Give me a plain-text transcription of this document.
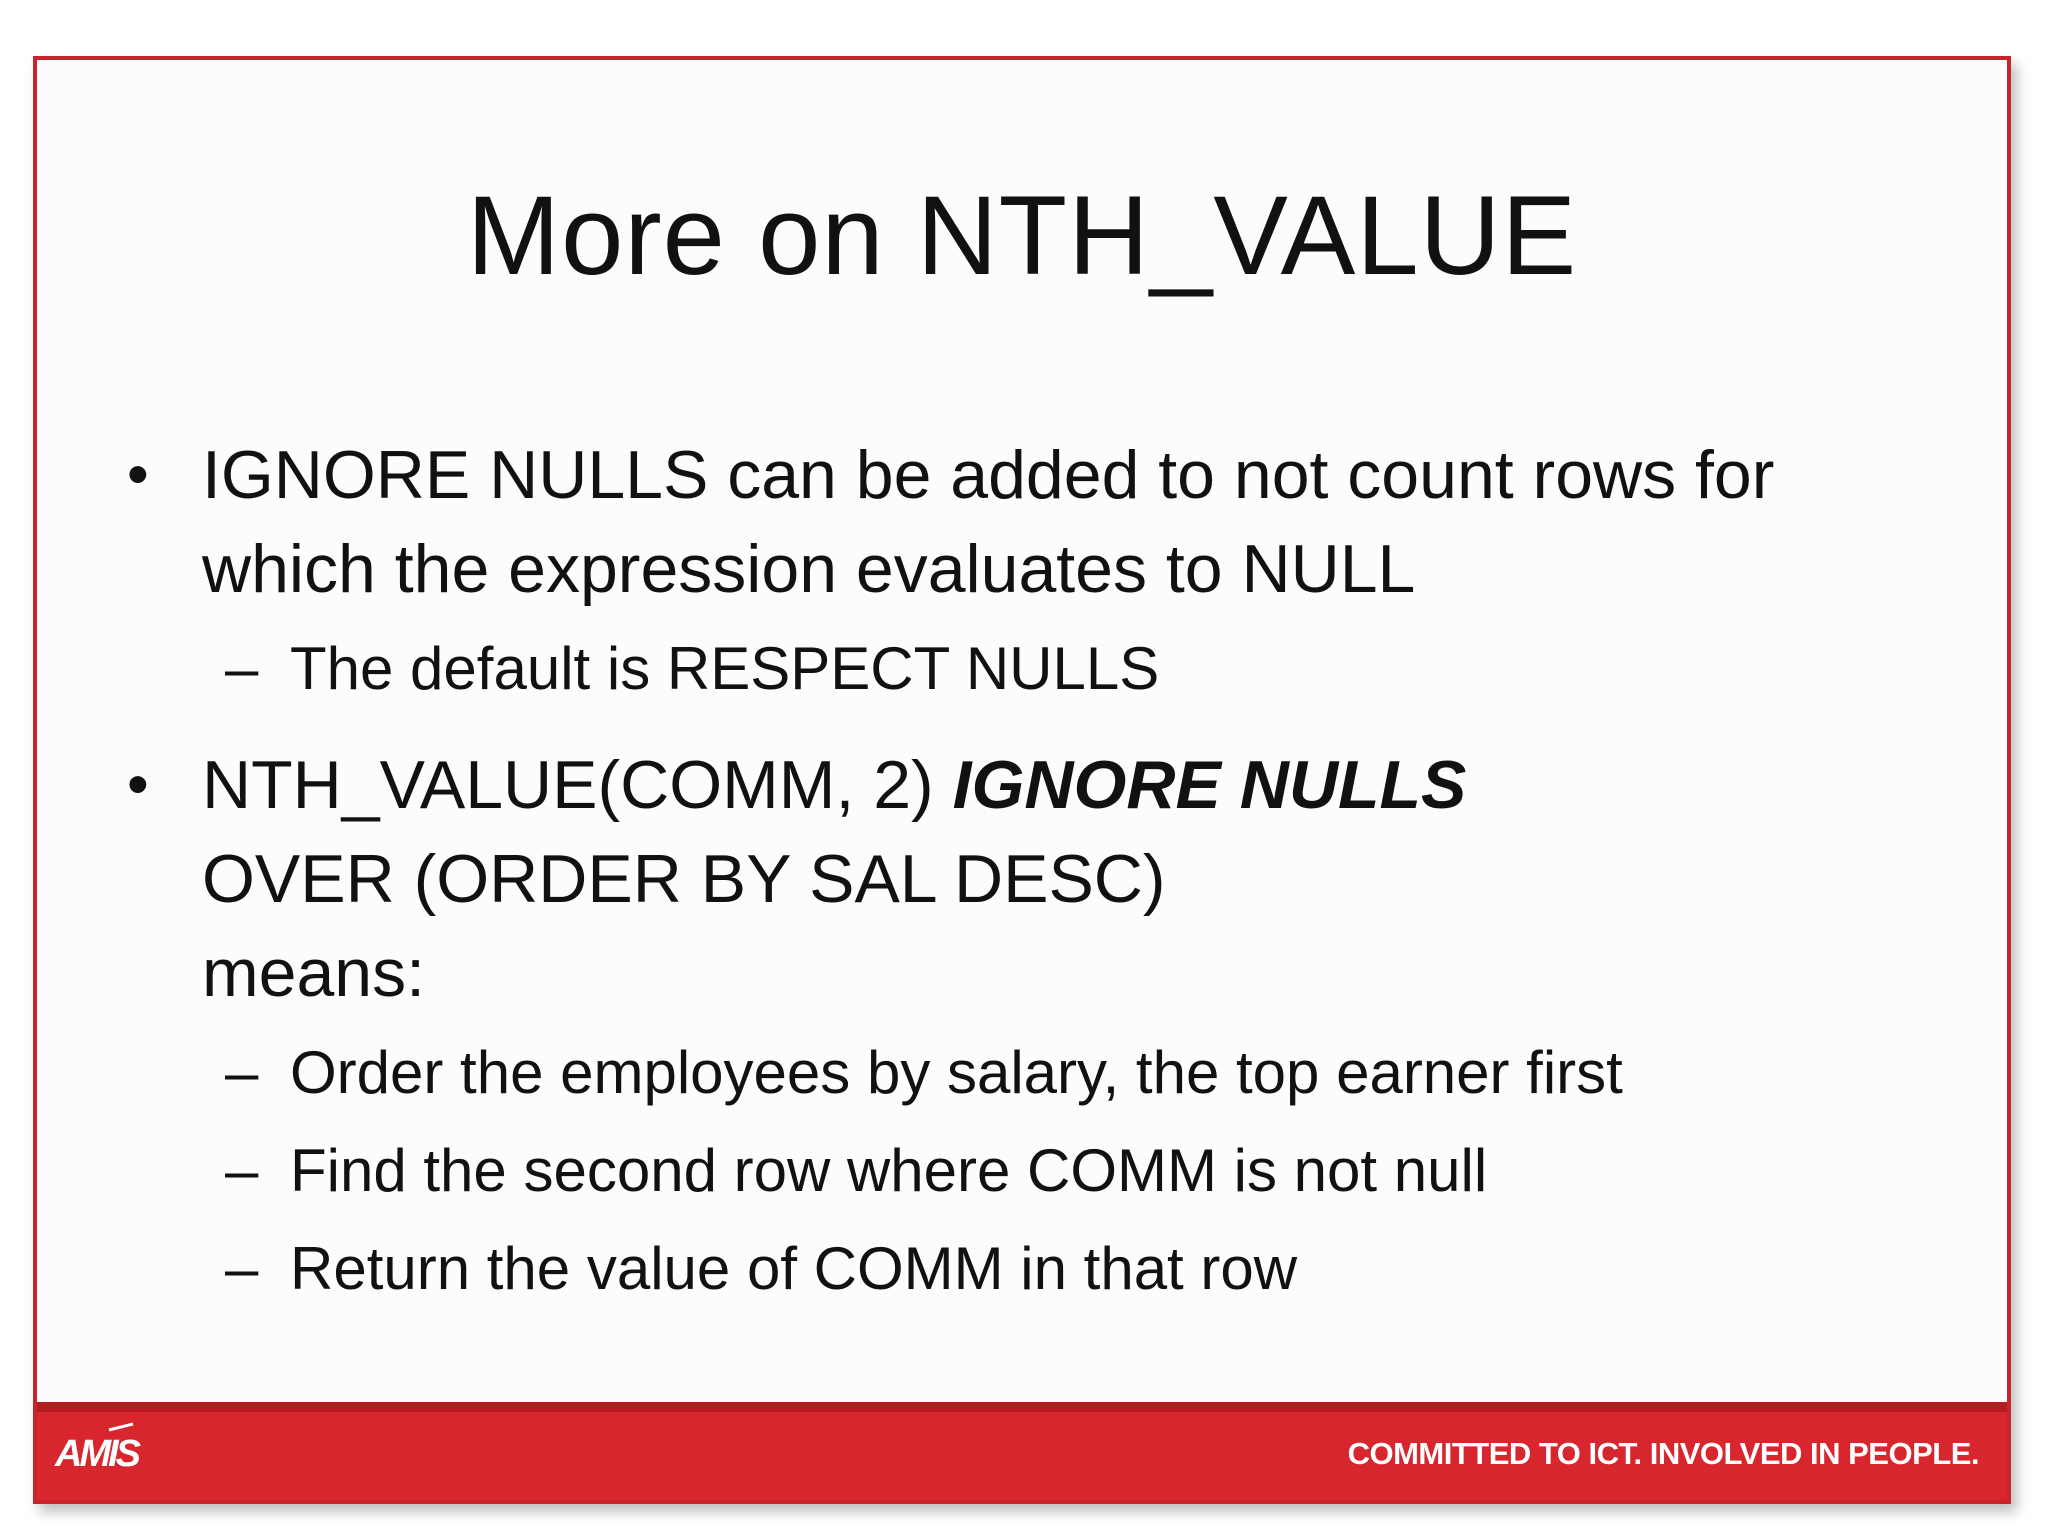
More on NTH_VALUE
• IGNORE NULLS can be added to not count rows for
which the expression evaluates to NULL
– The default is RESPECT NULLS
• NTH_VALUE(COMM, 2) IGNORE NULLS
OVER (ORDER BY SAL DESC)
means:
– Order the employees by salary, the top earner first
– Find the second row where COMM is not null
– Return the value of COMM in that row
AMIS	COMMITTED TO ICT. INVOLVED IN PEOPLE.
